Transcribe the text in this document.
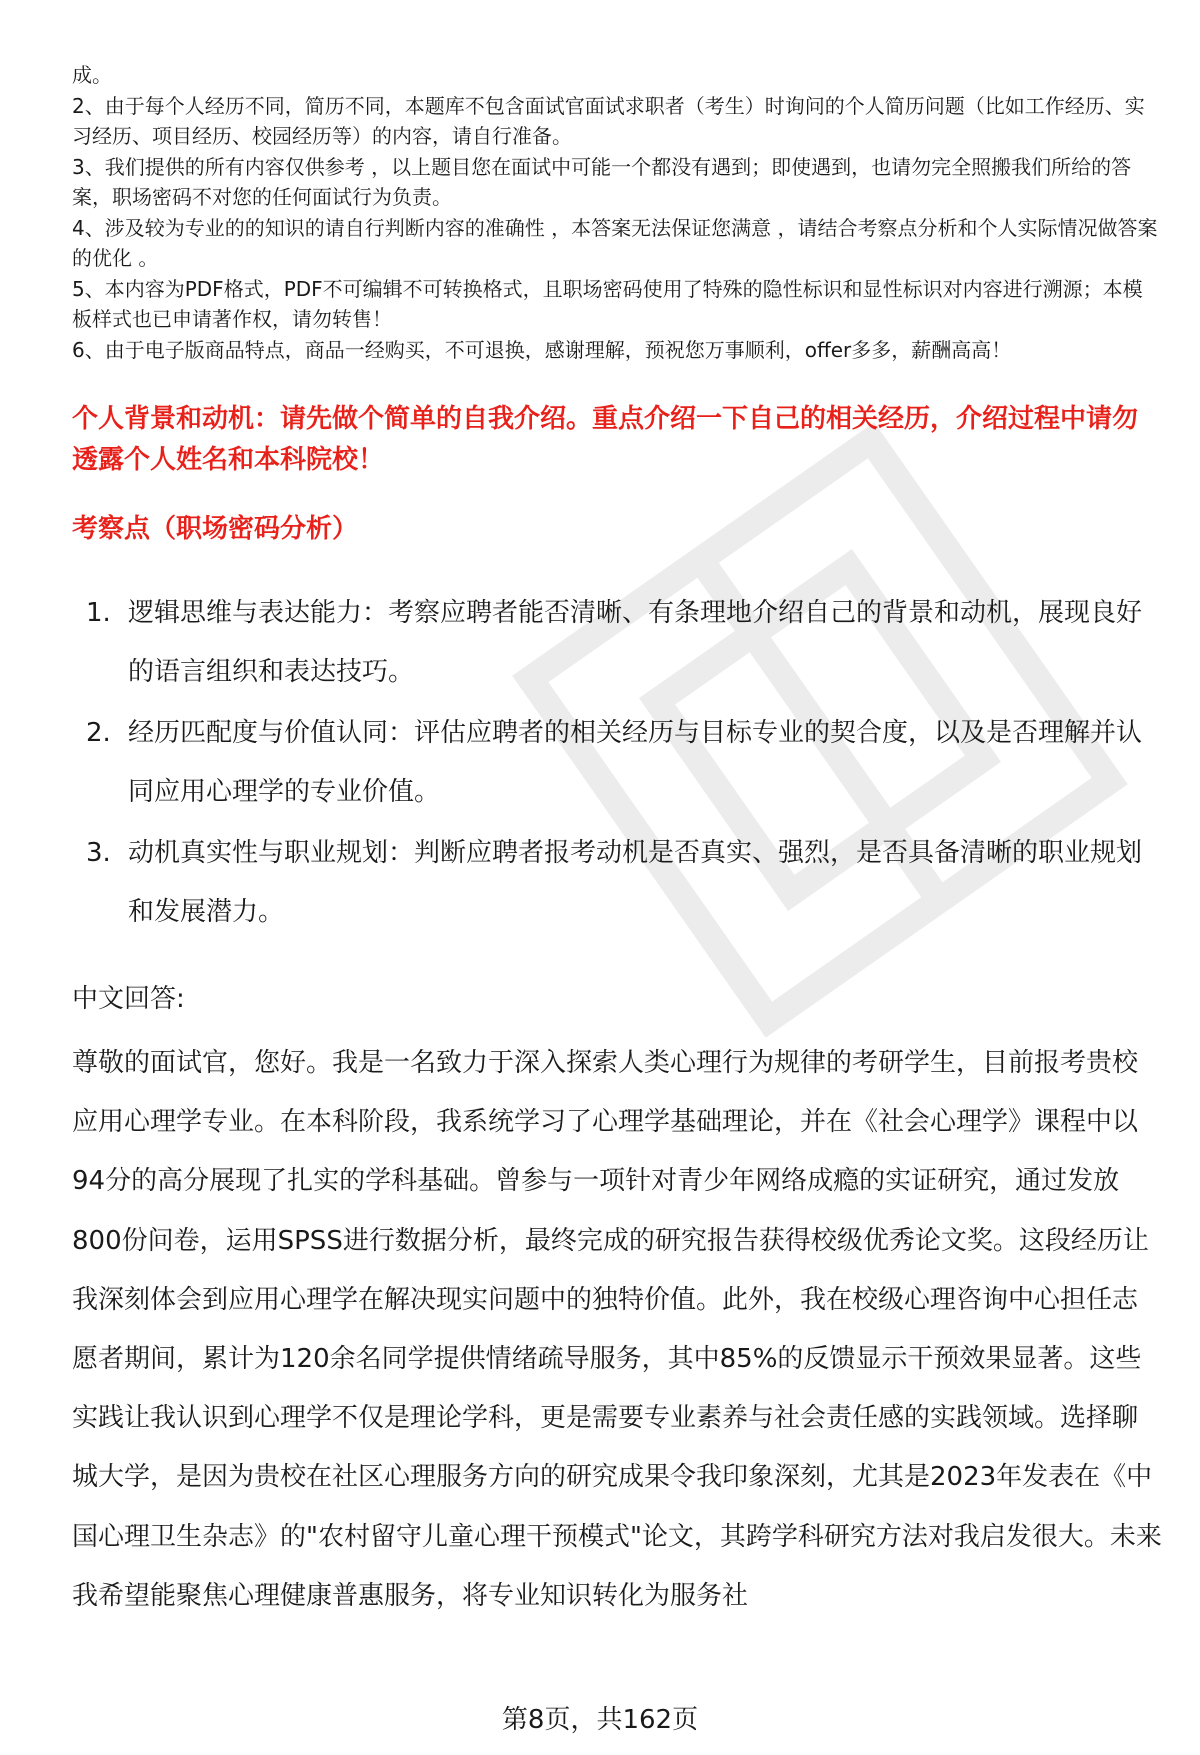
成。
2、由于每个人经历不同，简历不同，本题库不包含面试官面试求职者（考生）时询问的个人简历问题（比如工作经历、实习经历、项目经历、校园经历等）的内容，请自行准备。
3、我们提供的所有内容仅供参考 ，以上题目您在面试中可能一个都没有遇到；即使遇到，也请勿完全照搬我们所给的答案，职场密码不对您的任何面试行为负责。
4、涉及较为专业的的知识的请自行判断内容的准确性 ，本答案无法保证您满意 ，请结合考察点分析和个人实际情况做答案的优化 。
5、本内容为PDF格式，PDF不可编辑不可转换格式，且职场密码使用了特殊的隐性标识和显性标识对内容进行溯源；本模板样式也已申请著作权，请勿转售！
6、由于电子版商品特点，商品一经购买，不可退换，感谢理解，预祝您万事顺利，offer多多，薪酬高高！
个人背景和动机：请先做个简单的自我介绍。重点介绍一下自己的相关经历，介绍过程中请勿透露个人姓名和本科院校！
考察点（职场密码分析）
1. 逻辑思维与表达能力：考察应聘者能否清晰、有条理地介绍自己的背景和动机，展现良好的语言组织和表达技巧。
2. 经历匹配度与价值认同：评估应聘者的相关经历与目标专业的契合度，以及是否理解并认同应用心理学的专业价值。
3. 动机真实性与职业规划：判断应聘者报考动机是否真实、强烈，是否具备清晰的职业规划和发展潜力。

中文回答:

尊敬的面试官，您好。我是一名致力于深入探索人类心理行为规律的考研学生，目前报考贵校应用心理学专业。在本科阶段，我系统学习了心理学基础理论，并在《社会心理学》课程中以94分的高分展现了扎实的学科基础。曾参与一项针对青少年网络成瘾的实证研究，通过发放800份问卷，运用SPSS进行数据分析，最终完成的研究报告获得校级优秀论文奖。这段经历让我深刻体会到应用心理学在解决现实问题中的独特价值。此外，我在校级心理咨询中心担任志愿者期间，累计为120余名同学提供情绪疏导服务，其中85%的反馈显示干预效果显著。这些实践让我认识到心理学不仅是理论学科，更是需要专业素养与社会责任感的实践领域。选择聊城大学，是因为贵校在社区心理服务方向的研究成果令我印象深刻，尤其是2023年发表在《中国心理卫生杂志》的"农村留守儿童心理干预模式"论文，其跨学科研究方法对我启发很大。未来我希望能聚焦心理健康普惠服务，将专业知识转化为服务社

第8页，共162页
